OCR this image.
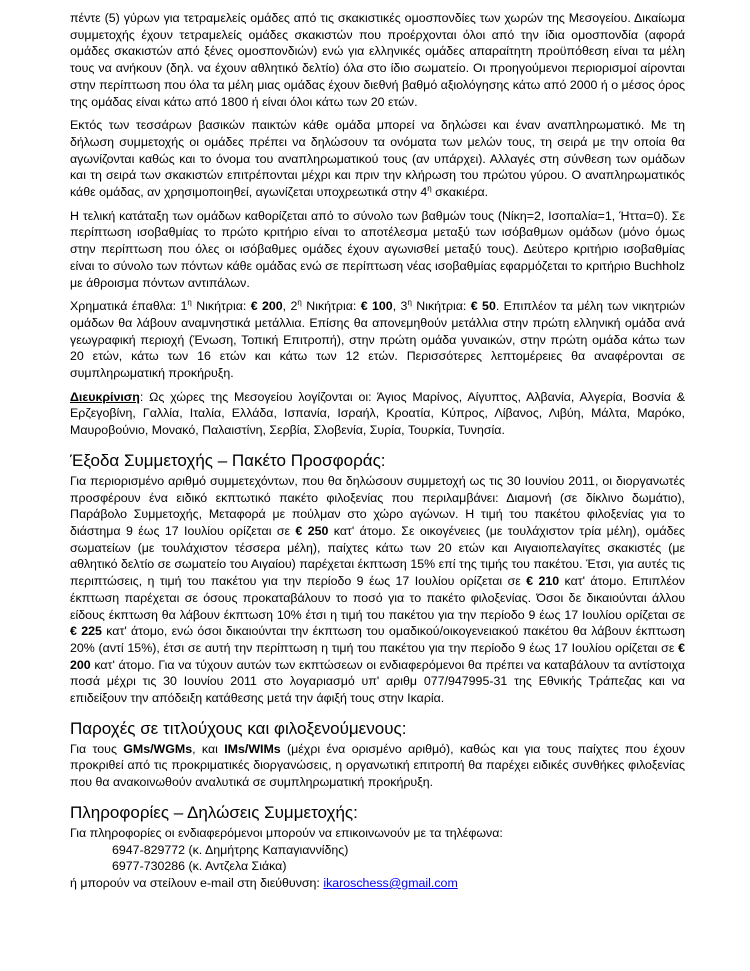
πέντε (5) γύρων για τετραμελείς ομάδες από τις σκακιστικές ομοσπονδίες των χωρών της Μεσογείου. Δικαίωμα συμμετοχής έχουν τετραμελείς ομάδες σκακιστών που προέρχονται όλοι από την ίδια ομοσπονδία (αφορά ομάδες σκακιστών από ξένες ομοσπονδιών) ενώ για ελληνικές ομάδες απαραίτητη προϋπόθεση είναι τα μέλη τους να ανήκουν (δηλ. να έχουν αθλητικό δελτίο) όλα στο ίδιο σωματείο. Οι προηγούμενοι περιορισμοί αίρονται στην περίπτωση που όλα τα μέλη μιας ομάδας έχουν διεθνή βαθμό αξιολόγησης κάτω από 2000 ή ο μέσος όρος της ομάδας είναι κάτω από 1800 ή είναι όλοι κάτω των 20 ετών.

Εκτός των τεσσάρων βασικών παικτών κάθε ομάδα μπορεί να δηλώσει και έναν αναπληρωματικό. Με τη δήλωση συμμετοχής οι ομάδες πρέπει να δηλώσουν τα ονόματα των μελών τους, τη σειρά με την οποία θα αγωνίζονται καθώς και το όνομα του αναπληρωματικού τους (αν υπάρχει). Αλλαγές στη σύνθεση των ομάδων και τη σειρά των σκακιστών επιτρέπονται μέχρι και πριν την κλήρωση του πρώτου γύρου. Ο αναπληρωματικός κάθε ομάδας, αν χρησιμοποιηθεί, αγωνίζεται υποχρεωτικά στην $4^\eta$ σκακιέρα.

Η τελική κατάταξη των ομάδων καθορίζεται από το σύνολο των βαθμών τους (Νίκη=2, Ισοπαλία=1, Ήττα=0). Σε περίπτωση ισοβαθμίας το πρώτο κριτήριο είναι το αποτέλεσμα μεταξύ των ισόβαθμων ομάδων (μόνο όμως στην περίπτωση που όλες οι ισόβαθμες ομάδες έχουν αγωνισθεί μεταξύ τους). Δεύτερο κριτήριο ισοβαθμίας είναι το σύνολο των πόντων κάθε ομάδας ενώ σε περίπτωση νέας ισοβαθμίας εφαρμόζεται το κριτήριο Buchholz με άθροισμα πόντων αντιπάλων.

Χρηματικά έπαθλα: $1^\eta$ Νικήτρια: € 200, $2^\eta$ Νικήτρια: € 100, $3^\eta$ Νικήτρια: € 50. Επιπλέον τα μέλη των νικητριών ομάδων θα λάβουν αναμνηστικά μετάλλια. Επίσης θα απονεμηθούν μετάλλια στην πρώτη ελληνική ομάδα ανά γεωγραφική περιοχή (Ένωση, Τοπική Επιτροπή), στην πρώτη ομάδα γυναικών, στην πρώτη ομάδα κάτω των 20 ετών, κάτω των 16 ετών και κάτω των 12 ετών. Περισσότερες λεπτομέρειες θα αναφέρονται σε συμπληρωματική προκήρυξη.

Διευκρίνιση: Ως χώρες της Μεσογείου λογίζονται οι: Άγιος Μαρίνος, Αίγυπτος, Αλβανία, Αλγερία, Βοσνία & Ερζεγοβίνη, Γαλλία, Ιταλία, Ελλάδα, Ισπανία, Ισραήλ, Κροατία, Κύπρος, Λίβανος, Λιβύη, Μάλτα, Μαρόκο, Μαυροβούνιο, Μονακό, Παλαιστίνη, Σερβία, Σλοβενία, Συρία, Τουρκία, Τυνησία.

Έξοδα Συμμετοχής – Πακέτο Προσφοράς:

Για περιορισμένο αριθμό συμμετεχόντων, που θα δηλώσουν συμμετοχή ως τις 30 Ιουνίου 2011, οι διοργανωτές προσφέρουν ένα ειδικό εκπτωτικό πακέτο φιλοξενίας που περιλαμβάνει: Διαμονή (σε δίκλινο δωμάτιο), Παράβολο Συμμετοχής, Μεταφορά με πούλμαν στο χώρο αγώνων. Η τιμή του πακέτου φιλοξενίας για το διάστημα 9 έως 17 Ιουλίου ορίζεται σε € 250 κατ' άτομο. Σε οικογένειες (με τουλάχιστον τρία μέλη), ομάδες σωματείων (με τουλάχιστον τέσσερα μέλη), παίχτες κάτω των 20 ετών και Αιγαιοπελαγίτες σκακιστές (με αθλητικό δελτίο σε σωματείο του Αιγαίου) παρέχεται έκπτωση 15% επί της τιμής του πακέτου. Έτσι, για αυτές τις περιπτώσεις, η τιμή του πακέτου για την περίοδο 9 έως 17 Ιουλίου ορίζεται σε € 210 κατ' άτομο. Επιπλέον έκπτωση παρέχεται σε όσους προκαταβάλουν το ποσό για το πακέτο φιλοξενίας. Όσοι δε δικαιούνται άλλου είδους έκπτωση θα λάβουν έκπτωση 10% έτσι η τιμή του πακέτου για την περίοδο 9 έως 17 Ιουλίου ορίζεται σε € 225 κατ' άτομο, ενώ όσοι δικαιούνται την έκπτωση του ομαδικού/οικογενειακού πακέτου θα λάβουν έκπτωση 20% (αντί 15%), έτσι σε αυτή την περίπτωση η τιμή του πακέτου για την περίοδο 9 έως 17 Ιουλίου ορίζεται σε € 200 κατ' άτομο. Για να τύχουν αυτών των εκπτώσεων οι ενδιαφερόμενοι θα πρέπει να καταβάλουν τα αντίστοιχα ποσά μέχρι τις 30 Ιουνίου 2011 στο λογαριασμό υπ' αριθμ 077/947995-31 της Εθνικής Τράπεζας και να επιδείξουν την απόδειξη κατάθεσης μετά την άφιξή τους στην Ικαρία.

Παροχές σε τιτλούχους και φιλοξενούμενους:

Για τους GMs/WGMs, και IMs/WIMs (μέχρι ένα ορισμένο αριθμό), καθώς και για τους παίχτες που έχουν προκριθεί από τις προκριματικές διοργανώσεις, η οργανωτική επιτροπή θα παρέχει ειδικές συνθήκες φιλοξενίας που θα ανακοινωθούν αναλυτικά σε συμπληρωματική προκήρυξη.

Πληροφορίες – Δηλώσεις Συμμετοχής:

Για πληροφορίες οι ενδιαφερόμενοι μπορούν να επικοινωνούν με τα τηλέφωνα:

6947-829772 (κ. Δημήτρης Καπαγιαννίδης)

6977-730286 (κ. Αντζελα Σιάκα)

ή μπορούν να στείλουν e-mail στη διεύθυνση: ikaroschess@gmail.com
